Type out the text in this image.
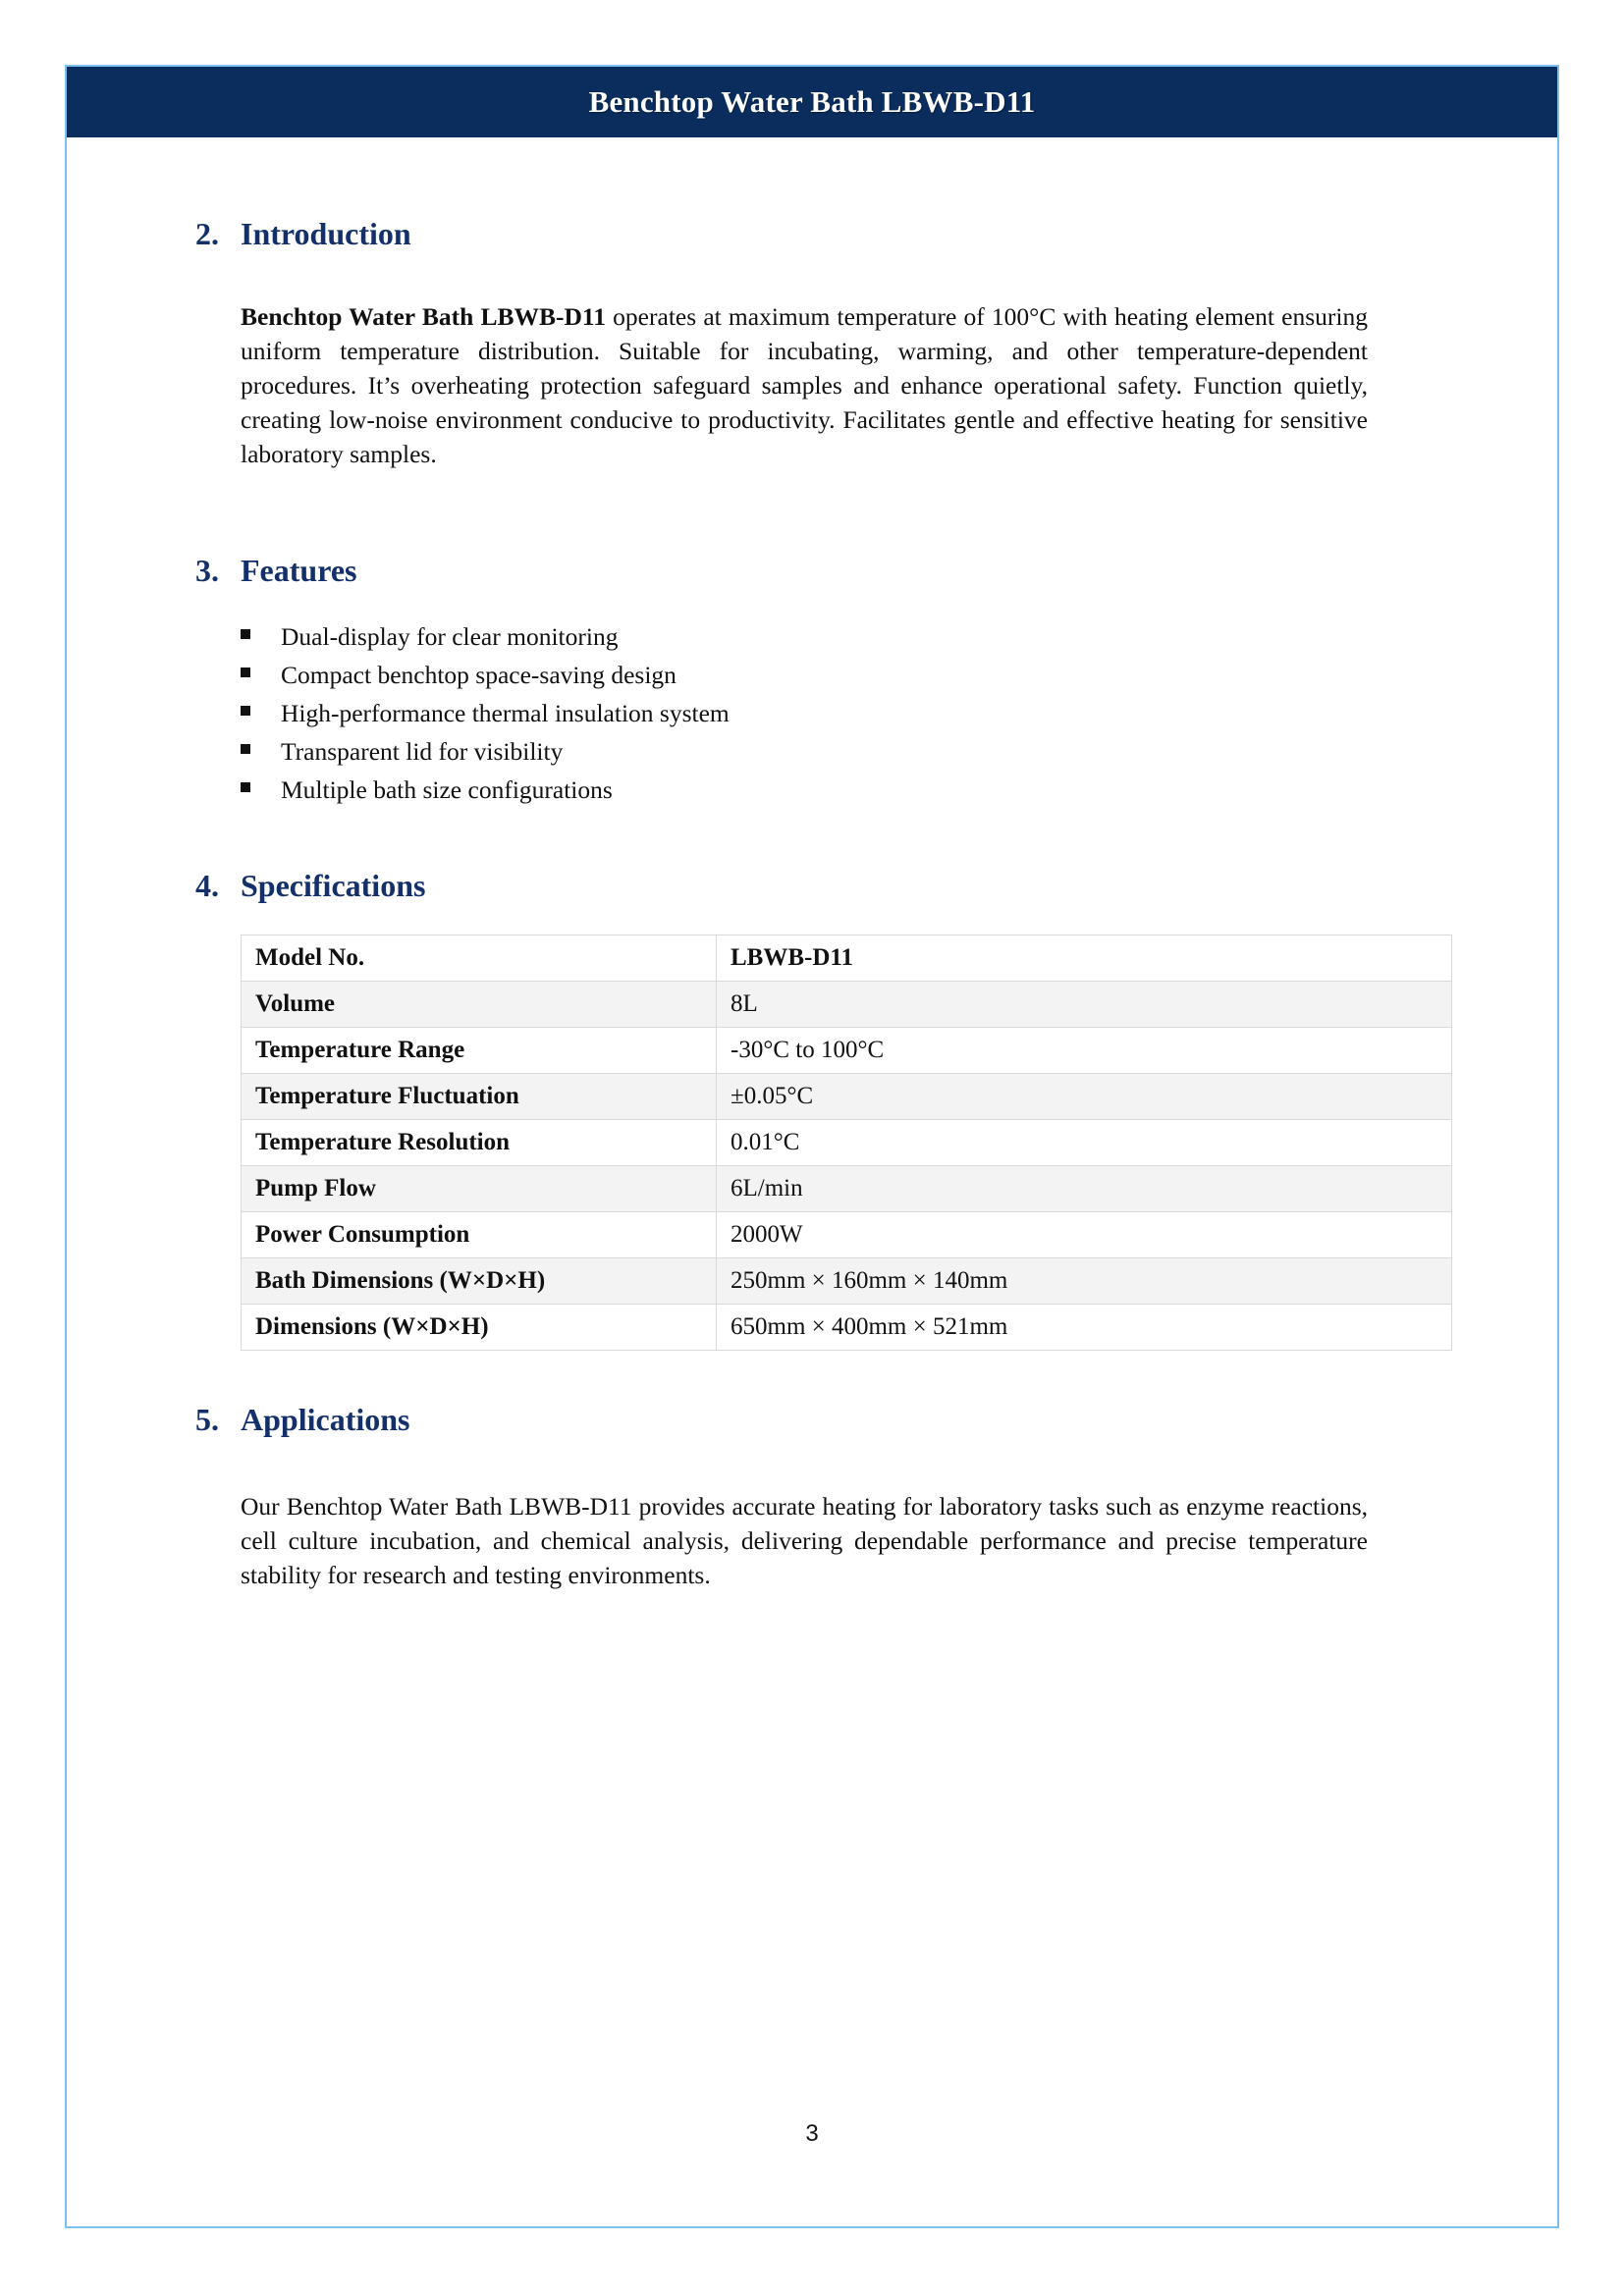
Benchtop Water Bath LBWB-D11
2. Introduction

Benchtop Water Bath LBWB-D11 operates at maximum temperature of 100°C with heating element ensuring uniform temperature distribution. Suitable for incubating, warming, and other temperature-dependent procedures. It’s overheating protection safeguard samples and enhance operational safety. Function quietly, creating low-noise environment conducive to productivity. Facilitates gentle and effective heating for sensitive laboratory samples.

3. Features
Dual-display for clear monitoring
Compact benchtop space-saving design
High-performance thermal insulation system
Transparent lid for visibility
Multiple bath size configurations
4. Specifications
Model No.	LBWB-D11
Volume	8L
Temperature Range	-30°C to 100°C
Temperature Fluctuation	±0.05°C
Temperature Resolution	0.01°C
Pump Flow	6L/min
Power Consumption	2000W
Bath Dimensions (W×D×H)	250mm × 160mm × 140mm
Dimensions (W×D×H)	650mm × 400mm × 521mm
5. Applications

Our Benchtop Water Bath LBWB-D11 provides accurate heating for laboratory tasks such as enzyme reactions, cell culture incubation, and chemical analysis, delivering dependable performance and precise temperature stability for research and testing environments.

3
